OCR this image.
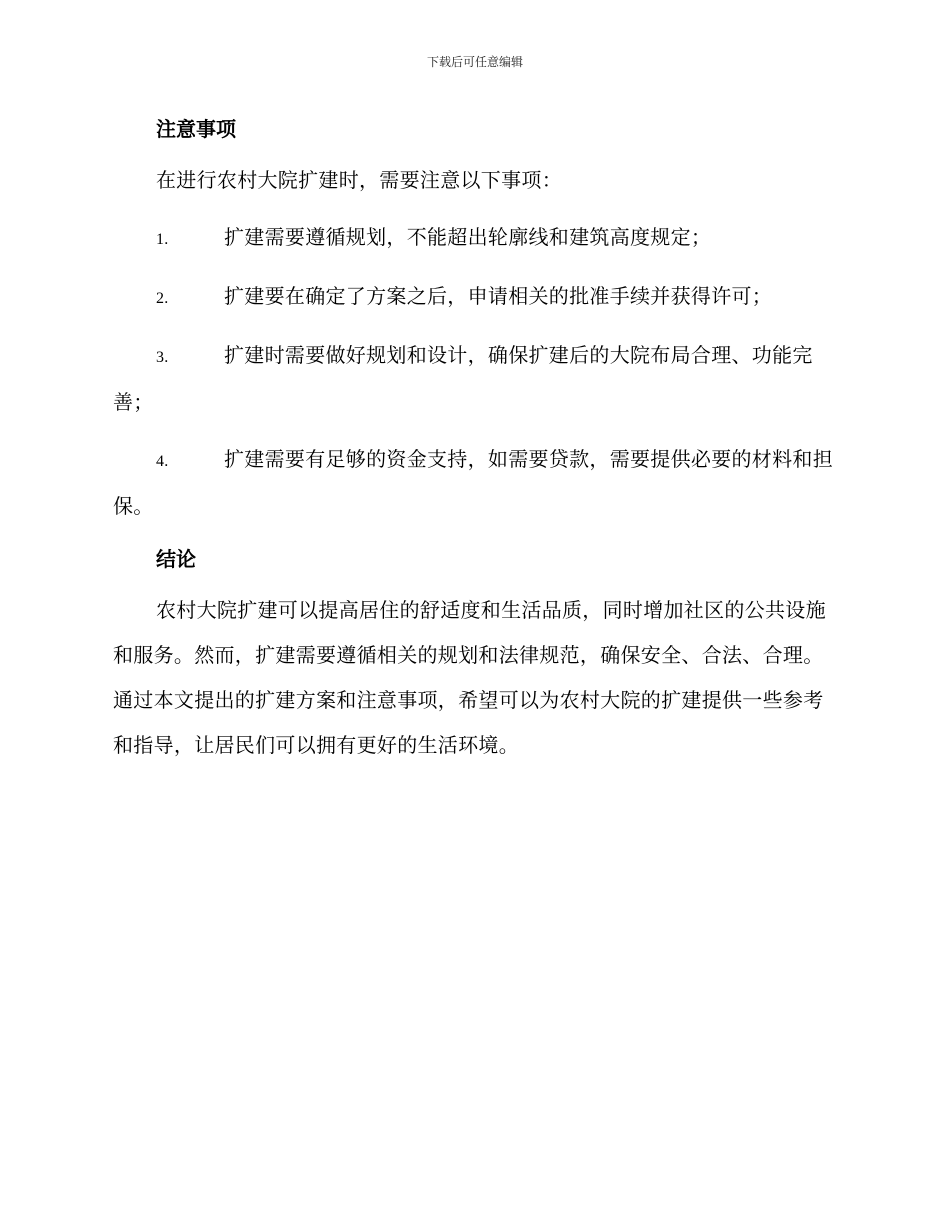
下载后可任意编辑
注意事项

在进行农村大院扩建时，需要注意以下事项：

1.	扩建需要遵循规划，不能超出轮廓线和建筑高度规定；

2.	扩建要在确定了方案之后，申请相关的批准手续并获得许可；

3.	扩建时需要做好规划和设计，确保扩建后的大院布局合理、功能完善；

4.	扩建需要有足够的资金支持，如需要贷款，需要提供必要的材料和担保。

结论

农村大院扩建可以提高居住的舒适度和生活品质，同时增加社区的公共设施和服务。然而，扩建需要遵循相关的规划和法律规范，确保安全、合法、合理。通过本文提出的扩建方案和注意事项，希望可以为农村大院的扩建提供一些参考和指导，让居民们可以拥有更好的生活环境。
